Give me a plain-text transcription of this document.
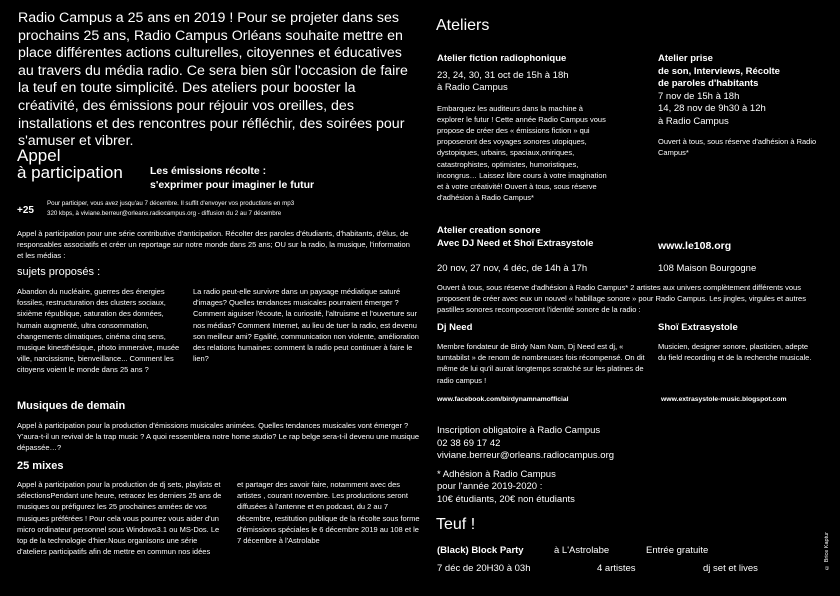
Radio Campus a 25 ans en 2019 ! Pour se projeter dans ses prochains 25 ans, Radio Campus Orléans souhaite mettre en place différentes actions culturelles, citoyennes et éducatives au travers du média radio. Ce sera bien sûr l'occasion de faire la teuf en toute simplicité. Des ateliers pour booster la créativité, des émissions pour réjouir vos oreilles, des installations et des rencontres pour réfléchir, des soirées pour s'amuser et vibrer.
Appel
à participation	Les émissions récolte :
s'exprimer pour imaginer le futur
+25
Pour participer, vous avez jusqu'au 7 décembre. Il suffit d'envoyer vos productions en mp3
320 kbps, à viviane.berreur@orleans.radiocampus.org - diffusion du 2 au 7 décembre
Appel à participation pour une série contributive d'anticipation. Récolter des paroles d'étudiants, d'habitants, d'élus, de responsables associatifs et créer un reportage sur notre monde dans 25 ans; OU sur la radio, la musique, l'information et les médias :
sujets proposés :
Abandon du nucléaire, guerres des énergies fossiles, restructuration des clusters sociaux, sixième république, saturation des données, humain augmenté, ultra consommation, changements climatiques, cinéma cinq sens, musique kinesthésique, photo immersive, musée ville, narcissisme, bienveillance... Comment les citoyens voient le monde dans 25 ans ?
La radio peut-elle survivre dans un paysage médiatique saturé d'images? Quelles tendances musicales pourraient émerger ? Comment aiguiser l'écoute, la curiosité, l'altruisme et l'ouverture sur nos médias? Comment Internet, au lieu de tuer la radio, est devenu son meilleur ami? Egalité, communication non violente, amélioration des relations humaines: comment la radio peut continuer à faire le lien?
Musiques de demain
Appel à participation pour la production d'émissions musicales animées. Quelles tendances musicales vont émerger ? Y'aura-t-il un revival de la trap music ? A quoi ressemblera notre home studio? Le rap belge sera-t-il devenu une musique dépassée…?
25 mixes
Appel à participation pour la production de dj sets, playlists et sélectionsPendant une heure, retracez les derniers 25 ans de musiques ou préfigurez les 25 prochaines années de vos musiques préférées ! Pour cela vous pourrez vous aider d'un micro ordinateur personnel sous Windows3.1 ou MS-Dos. Le top de la technologie d'hier.Nous organisons une série d'ateliers participatifs afin de mettre en commun nos idées
et partager des savoir faire, notamment avec des artistes , courant novembre. Les productions seront diffusées à l'antenne et en podcast, du 2 au 7 décembre, restitution publique de la récolte sous forme d'émissions spéciales le 6 décembre 2019 au 108 et le 7 décembre à l'Astrolabe
Ateliers
Atelier fiction radiophonique
23, 24, 30, 31 oct de 15h à 18h
à Radio Campus
Embarquez les auditeurs dans la machine à explorer le futur ! Cette année Radio Campus vous propose de créer des « émissions fiction » qui proposeront des voyages sonores utopiques, dystopiques, urbains, spaciaux,oniriques, catastrophistes, optimistes, humoristiques, incongrus… Laissez libre cours à votre imagination et à votre créativité! Ouvert à tous, sous réserve d'adhésion à Radio Campus*
Atelier prise
de son, Interviews, Récolte
de paroles d'habitants
7 nov de 15h à 18h
14, 28 nov de 9h30 à 12h
à Radio Campus
Ouvert à tous, sous réserve d'adhésion à Radio Campus*
Atelier creation sonore
Avec DJ Need et Shoï Extrasystole	www.le108.org
20 nov, 27 nov, 4 déc, de 14h à 17h	108 Maison Bourgogne
Ouvert à tous, sous réserve d'adhésion à Radio Campus* 2 artistes aux univers complètement différents vous proposent de créer avec eux un nouvel « habillage sonore » pour Radio Campus. Les jingles, virgules et autres pastilles sonores recomposeront l'identité sonore de la radio :
Dj Need	Shoï Extrasystole
Membre fondateur de Birdy Nam Nam, Dj Need est dj, « turntabilst » de renom de nombreuses fois récompensé. On dit même de lui qu'il aurait longtemps scratché sur les platines de radio campus !
Musicien, designer sonore, plasticien, adepte du field recording et de la recherche musicale.
www.facebook.com/birdynamnamofficial	www.extrasystole-music.blogspot.com
Inscription obligatoire à Radio Campus
02 38 69 17 42
viviane.berreur@orleans.radiocampus.org
* Adhésion à Radio Campus
pour l'année 2019-2020 :
10€ étudiants, 20€ non étudiants
Teuf !
(Black) Block Party	à L'Astrolabe	Entrée gratuite
7 déc de 20H30 à 03h	4 artistes	dj set et lives	© Brice Kaptur
